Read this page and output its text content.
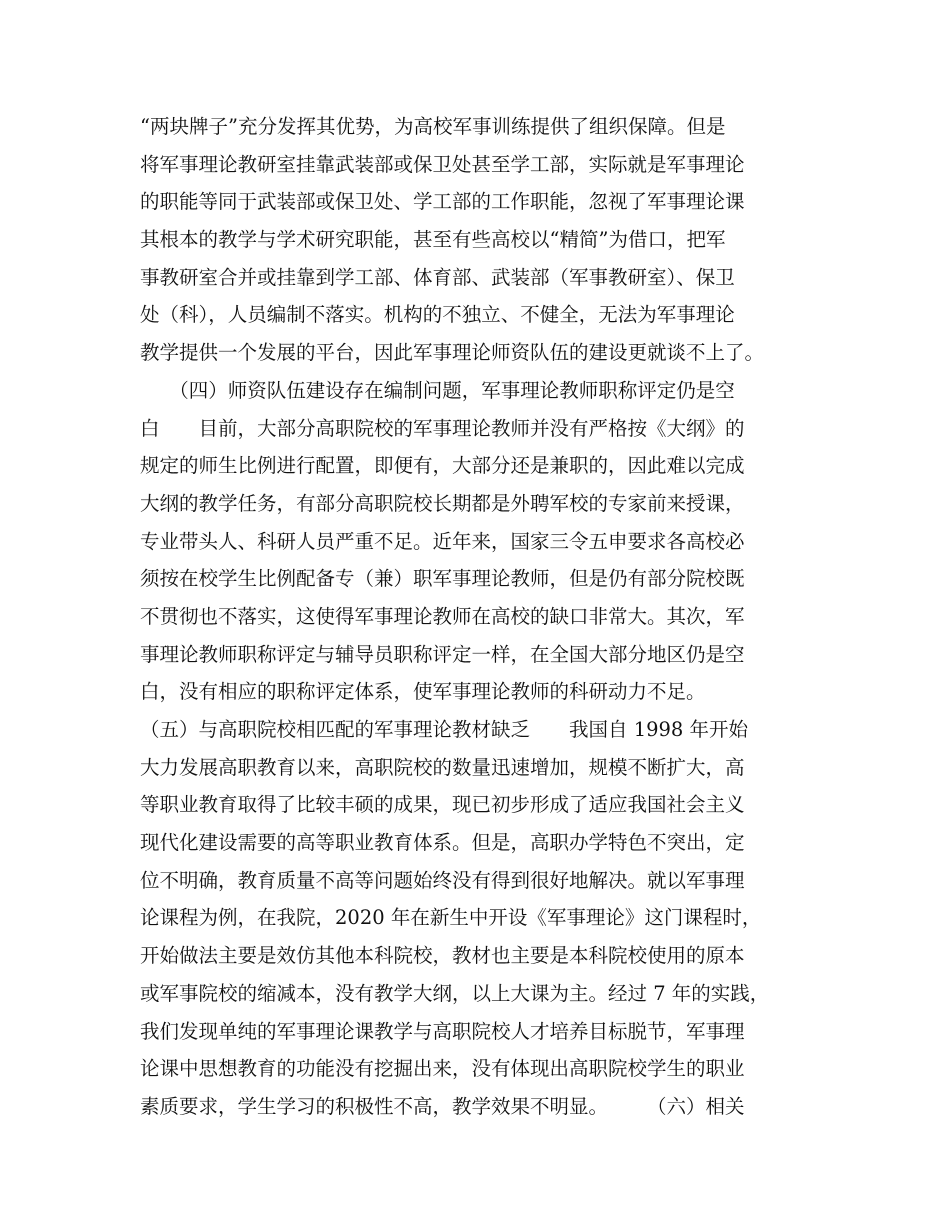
“两块牌子”充分发挥其优势，为高校军事训练提供了组织保障。但是
将军事理论教研室挂靠武装部或保卫处甚至学工部，实际就是军事理论
的职能等同于武装部或保卫处、学工部的工作职能，忽视了军事理论课
其根本的教学与学术研究职能，甚至有些高校以“精简”为借口，把军
事教研室合并或挂靠到学工部、体育部、武装部（军事教研室）、保卫
处（科），人员编制不落实。机构的不独立、不健全，无法为军事理论
教学提供一个发展的平台，因此军事理论师资队伍的建设更就谈不上了。
　　（四）师资队伍建设存在编制问题，军事理论教师职称评定仍是空
白　　目前，大部分高职院校的军事理论教师并没有严格按《大纲》的
规定的师生比例进行配置，即便有，大部分还是兼职的，因此难以完成
大纲的教学任务，有部分高职院校长期都是外聘军校的专家前来授课，
专业带头人、科研人员严重不足。近年来，国家三令五申要求各高校必
须按在校学生比例配备专（兼）职军事理论教师，但是仍有部分院校既
不贯彻也不落实，这使得军事理论教师在高校的缺口非常大。其次，军
事理论教师职称评定与辅导员职称评定一样，在全国大部分地区仍是空
白，没有相应的职称评定体系，使军事理论教师的科研动力不足。
（五）与高职院校相匹配的军事理论教材缺乏　　我国自 1998 年开始
大力发展高职教育以来，高职院校的数量迅速增加，规模不断扩大，高
等职业教育取得了比较丰硕的成果，现已初步形成了适应我国社会主义
现代化建设需要的高等职业教育体系。但是，高职办学特色不突出，定
位不明确，教育质量不高等问题始终没有得到很好地解决。就以军事理
论课程为例，在我院，2020 年在新生中开设《军事理论》这门课程时，
开始做法主要是效仿其他本科院校，教材也主要是本科院校使用的原本
或军事院校的缩减本，没有教学大纲，以上大课为主。经过 7 年的实践，
我们发现单纯的军事理论课教学与高职院校人才培养目标脱节，军事理
论课中思想教育的功能没有挖掘出来，没有体现出高职院校学生的职业
素质要求，学生学习的积极性不高，教学效果不明显。　　　（六）相关
